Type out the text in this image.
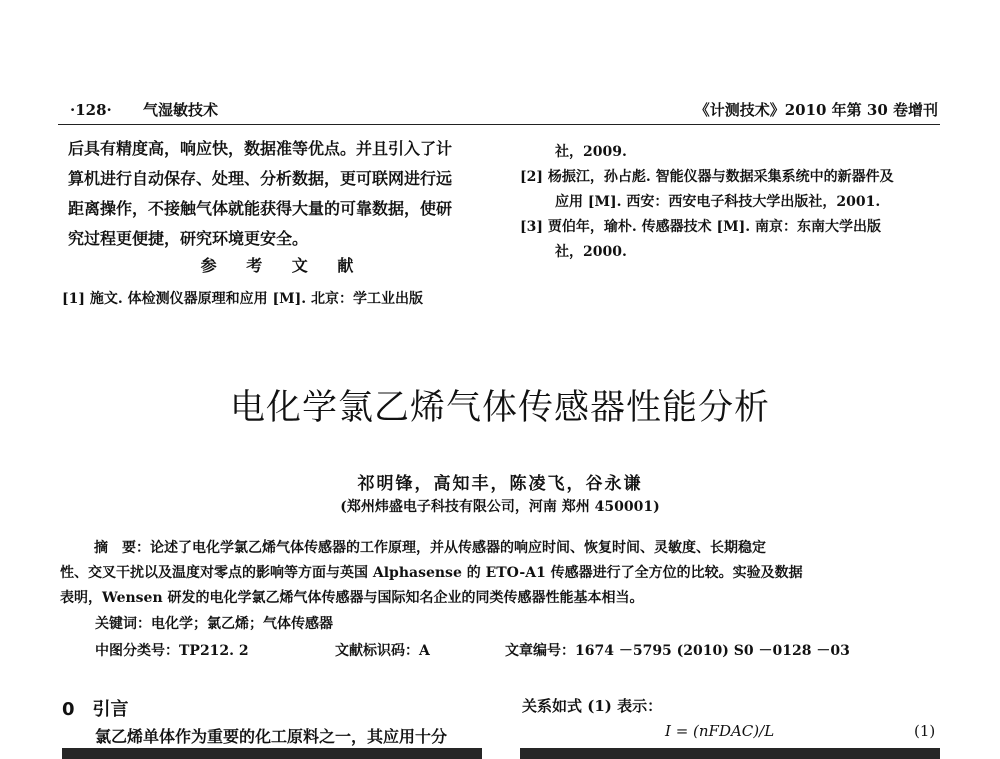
·128· 气湿敏技术	《计测技术》2010 年第 30 卷增刊
后具有精度高，响应快，数据准等优点。并且引入了计
算机进行自动保存、处理、分析数据，更可联网进行远
距离操作，不接触气体就能获得大量的可靠数据，使研
究过程更便捷，研究环境更安全。
参 考 文 献
[1] 施文. 体检测仪器原理和应用 [M]. 北京：学工业出版
社，2009.
[2] 杨振江，孙占彪. 智能仪器与数据采集系统中的新器件及
应用 [M]. 西安：西安电子科技大学出版社，2001.
[3] 贾伯年，瑜朴. 传感器技术 [M]. 南京：东南大学出版
社，2000.
电化学氯乙烯气体传感器性能分析
祁明锋，高知丰，陈凌飞，谷永谦
(郑州炜盛电子科技有限公司，河南 郑州 450001)
摘　要：论述了电化学氯乙烯气体传感器的工作原理，并从传感器的响应时间、恢复时间、灵敏度、长期稳定
性、交叉干扰以及温度对零点的影响等方面与英国 Alphasense 的 ETO-A1 传感器进行了全方位的比较。实验及数据
表明，Wensen 研发的电化学氯乙烯气体传感器与国际知名企业的同类传感器性能基本相当。
关键词：电化学；氯乙烯；气体传感器
中图分类号：TP212. 2	文献标识码：A	文章编号：1674 －5795 (2010) S0 －0128 －03
0　引言
氯乙烯单体作为重要的化工原料之一，其应用十分
关系如式 (1) 表示：
I = (nFDAC)/L	(1)
